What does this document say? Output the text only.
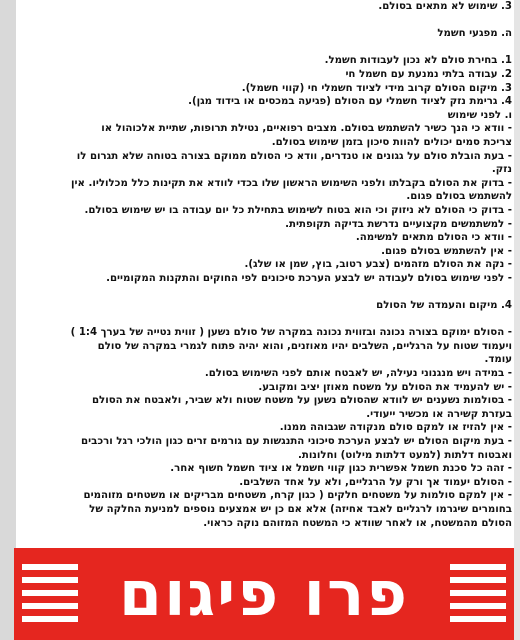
3. שימוש לא מתאים בסולם.

ה. מפגעי חשמל

1. בחירת סולם לא נכון לעבודות חשמל.
2. עבודה בלתי נמנעת עם חשמל חי
3. מיקום הסולם קרוב מידי לציוד חשמלי חי (קווי חשמל).
4. גרימת נזק לציוד חשמלי עם הסולם (פגיעה במכסים או בידוד מגן).
ו. לפני שימוש
- וודא כי הנך כשיר להשתמש בסולם. מצבים רפואיים, נטילת תרופות, שתיית אלכוהול או
צריכת סמים יכולים להוות סיכון בזמן שימוש בסולם.
- בעת הובלת סולם על גגונים או טנדרים, וודא כי הסולם ממוקם בצורה בטוחה שלא תגרום לו
נזק.
- בדוק את הסולם בקבלתו ולפני השימוש הראשון שלו בכדי לוודא את תקינות כלל מכלוליו. אין
להשתמש בסולם פגום.
- בדוק כי הסולם לא ניזוק וכי הוא בטוח לשימוש בתחילת כל יום עבודה בו יש שימוש בסולם.
- למשתמשים מקצועיים נדרשת בדיקה תקופתית.
- וודא כי הסולם מתאים למשימה.
- אין להשתמש בסולם פגום.
- נקה את הסולם מזהמים (צבע רטוב, בוץ, שמן או שלג).
- לפני שימוש בסולם לעבודה יש לבצע הערכת סיכונים לפי החוקים והתקנות המקומיים.
4. מיקום והעמדה של הסולם

- הסולם ימוקם בצורה נכונה ובזווית נכונה במקרה של סולם נשען ( זווית נטייה של בערך 1:4 )
ויעמוד שטוח על הרגליים, השלבים יהיו מאוזנים, והוא יהיה פתוח לגמרי במקרה של סולם
עומד.
- במידה ויש מנגנוני נעילה, יש לאבטח אותם לפני השימוש בסולם.
- יש להעמיד את הסולם על משטח מאוזן יציב ומקובע.
- בסולמות נשענים יש לוודא שהסולם נשען על משטח שטוח ולא שביר, ולאבטח את הסולם
בעזרת קשירה או מכשיר ייעודי.
- אין להזיז או למקם סולם מנקודה שגבוהה ממנו.
- בעת מיקום הסולם יש לבצע הערכת סיכוני התנגשות עם גורמים זרים כגון הולכי רגל ורכבים
ואבטוח דלתות (למעט דלתות מילוט) וחלונות.
- זהה כל סכנת חשמל אפשרית כגון קווי חשמל או ציוד חשמל חשוף אחר.
- הסולם יעמוד אך ורק על הרגליים, ולא על אחד השלבים.
- אין למקם סולמות על משטחים חלקים ( כגון קרח, משטחים מבריקים או משטחים מזוהמים
בחומרים שיגרמו לרגליים לאבד אחיזה) אלא אם כן יש אמצעים נוספים למניעת החלקה של
הסולם מהמשטח, או לאחר שוודא כי המשטח המזוהם נוקה כראוי.
פרו פיגום
